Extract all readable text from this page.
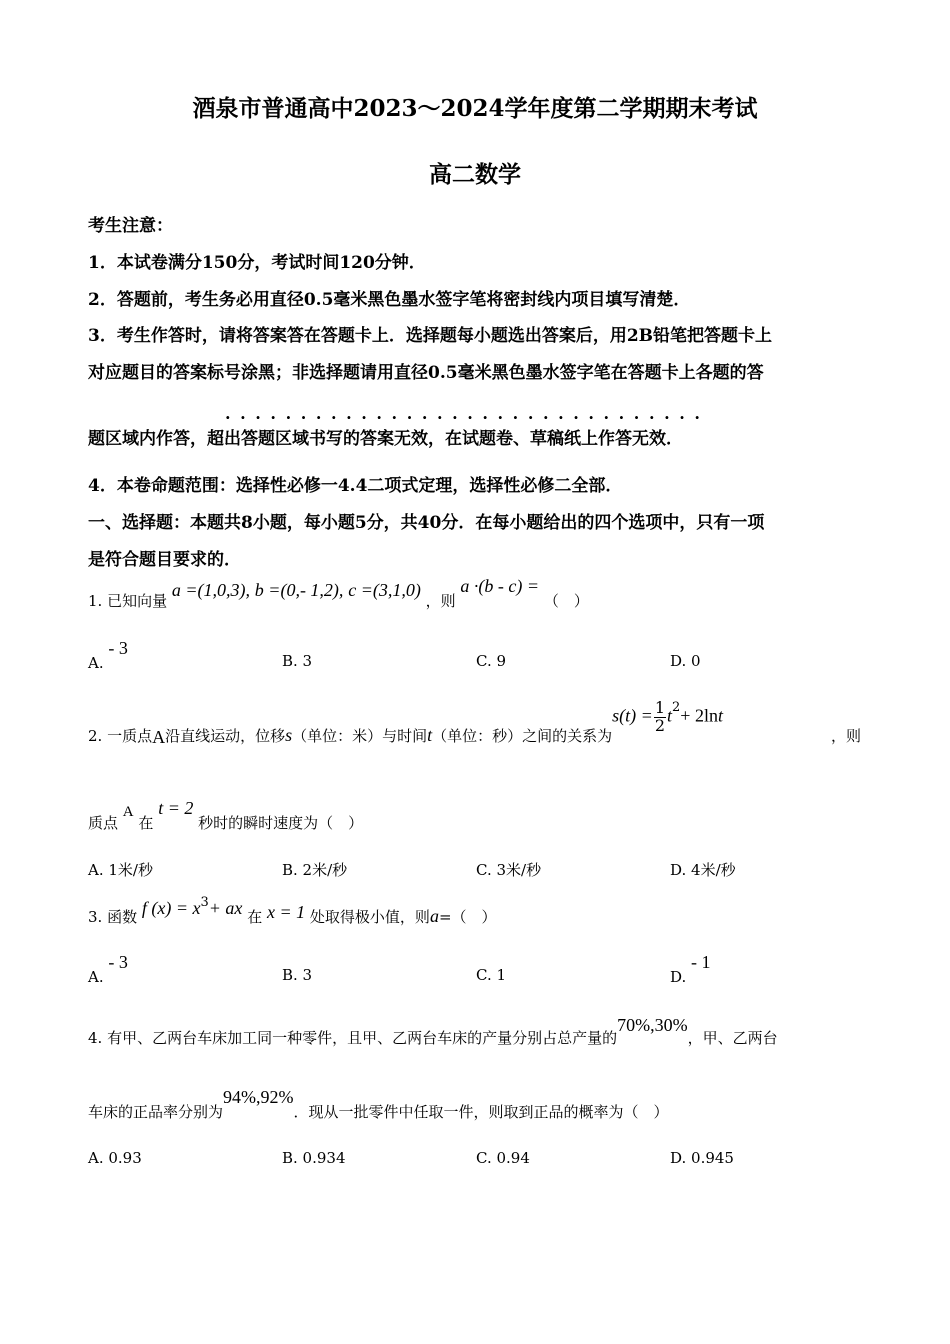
酒泉市普通高中2023～2024学年度第二学期期末考试
高二数学
考生注意：
1．本试卷满分150分，考试时间120分钟．
2．答题前，考生务必用直径0.5毫米黑色墨水签字笔将密封线内项目填写清楚．
3．考生作答时，请将答案答在答题卡上．选择题每小题选出答案后，用2B铅笔把答题卡上
对应题目的答案标号涂黑；非选择题请用直径0.5毫米黑色墨水签字笔在答题卡上各题的答
· · · · · · · · · · · · · · · · · · · · · · · · · · · · · · · ·
题区域内作答，超出答题区域书写的答案无效，在试题卷、草稿纸上作答无效．
4．本卷命题范围：选择性必修一4.4二项式定理，选择性必修二全部．
一、选择题：本题共8小题，每小题5分，共40分．在每小题给出的四个选项中，只有一项
是符合题目要求的．
1. 已知向量 a =(1,0,3), b =(0,- 1,2), c =(3,1,0) ，则 a ·(b - c) = （　）
A. - 3
B. 3	C. 9	D. 0
2. 一质点A沿直线运动，位移s（单位：米）与时间t（单位：秒）之间的关系为$s(t) = \frac{1}{2} t2+ 2\ln t$
，则
质点 A 在 t = 2 秒时的瞬时速度为（　）
A. 1米/秒	B. 2米/秒	C. 3米/秒	D. 4米/秒
3. 函数 f (x) = x3+ ax 在 x = 1 处取得极小值，则a=（　）
A. - 3
B. 3	C. 1	D. - 1
4. 有甲、乙两台车床加工同一种零件，且甲、乙两台车床的产量分别占总产量的70%,30%，甲、乙两台
车床的正品率分别为94%,92%．现从一批零件中任取一件，则取到正品的概率为（　）
A. 0.93	B. 0.934	C. 0.94	D. 0.945
